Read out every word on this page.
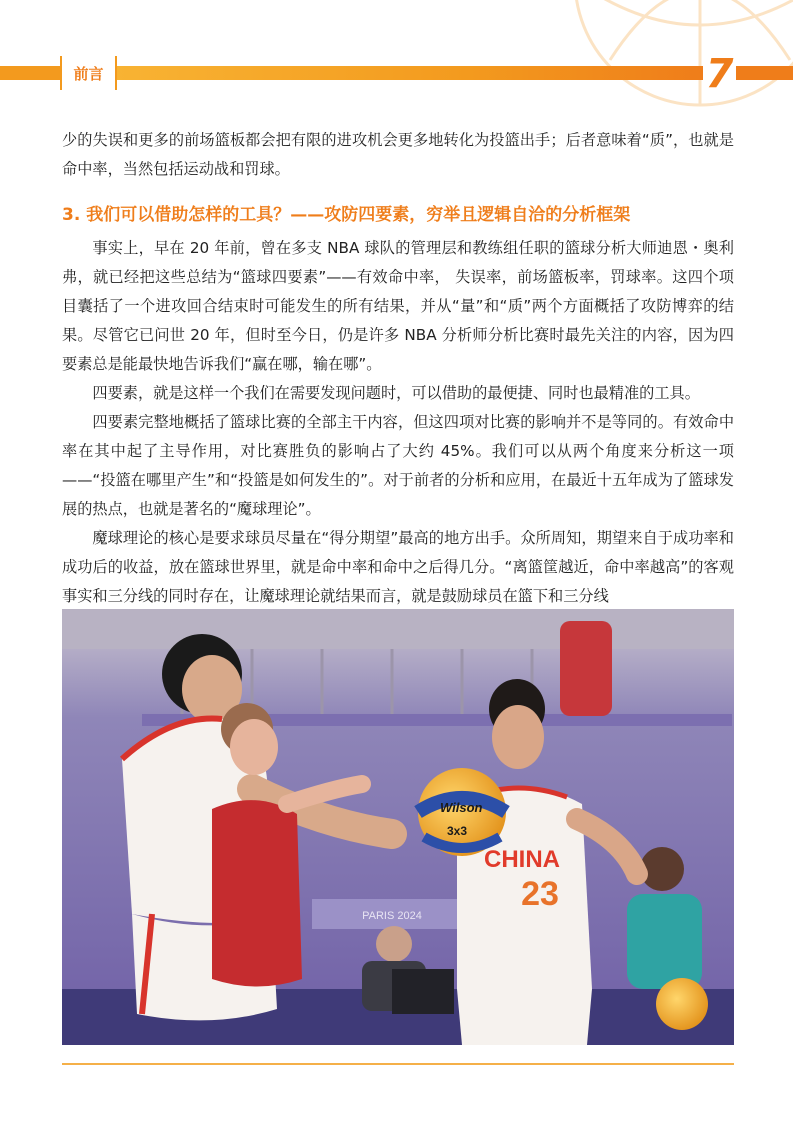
前言	7

少的失误和更多的前场篮板都会把有限的进攻机会更多地转化为投篮出手；后者意味着“质”，也就是命中率，当然包括运动战和罚球。

3. 我们可以借助怎样的工具？——攻防四要素，穷举且逻辑自洽的分析框架

事实上，早在 20 年前，曾在多支 NBA 球队的管理层和教练组任职的篮球分析大师迪恩・奥利弗，就已经把这些总结为“篮球四要素”——有效命中率， 失误率，前场篮板率，罚球率。这四个项目囊括了一个进攻回合结束时可能发生的所有结果，并从“量”和“质”两个方面概括了攻防博弈的结果。尽管它已问世 20 年，但时至今日，仍是许多 NBA 分析师分析比赛时最先关注的内容，因为四要素总是能最快地告诉我们“赢在哪，输在哪”。

四要素，就是这样一个我们在需要发现问题时，可以借助的最便捷、同时也最精准的工具。

四要素完整地概括了篮球比赛的全部主干内容，但这四项对比赛的影响并不是等同的。有效命中率在其中起了主导作用，对比赛胜负的影响占了大约 45%。我们可以从两个角度来分析这一项——“投篮在哪里产生”和“投篮是如何发生的”。对于前者的分析和应用，在最近十五年成为了篮球发展的热点，也就是著名的“魔球理论”。

魔球理论的核心是要求球员尽量在“得分期望”最高的地方出手。众所周知，期望来自于成功率和成功后的收益，放在篮球世界里，就是命中率和命中之后得几分。“离篮筐越近，命中率越高”的客观事实和三分线的同时存在，让魔球理论就结果而言，就是鼓励球员在篮下和三分线

PARIS 2024
CHINA
23
Wilson
3x3
